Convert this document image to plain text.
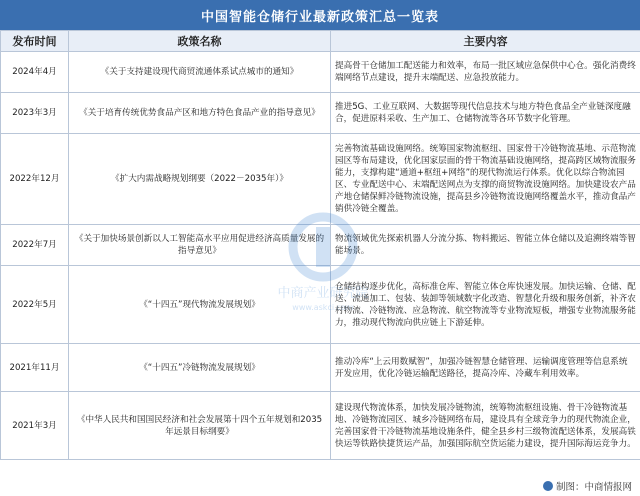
中国智能仓储行业最新政策汇总一览表
发布时间	政策名称	主要内容
2024年4月	《关于支持建设现代商贸流通体系试点城市的通知》	提高骨干仓储加工配送能力和效率，布局一批区域应急保供中心仓。强化消费终端网络节点建设，提升末端配送、应急投放能力。
2023年3月	《关于培育传统优势食品产区和地方特色食品产业的指导意见》	推进5G、工业互联网、大数据等现代信息技术与地方特色食品全产业链深度融合，促进原料采收、生产加工、仓储物流等各环节数字化管理。
2022年12月	《扩大内需战略规划纲要（2022－2035年）》	完善物流基础设施网络。统筹国家物流枢纽、国家骨干冷链物流基地、示范物流园区等布局建设，优化国家层面的骨干物流基础设施网络，提高跨区域物流服务能力，支撑构建“通道+枢纽+网络”的现代物流运行体系。优化以综合物流园区、专业配送中心、末端配送网点为支撑的商贸物流设施网络。加快建设农产品产地仓储保鲜冷链物流设施，提高县乡冷链物流设施网络覆盖水平，推动食品产销供冷链全覆盖。
2022年7月	《关于加快场景创新以人工智能高水平应用促进经济高质量发展的指导意见》	物流领域优先探索机器人分流分拣、物料搬运、智能立体仓储以及追溯终端等智能场景。
2022年5月	《“十四五”现代物流发展规划》	仓储结构逐步优化，高标准仓库、智能立体仓库快速发展。加快运输、仓储、配送、流通加工、包装、装卸等领域数字化改造、智慧化升级和服务创新，补齐农村物流、冷链物流、应急物流、航空物流等专业物流短板，增强专业物流服务能力，推动现代物流向供应链上下游延伸。
2021年11月	《“十四五”冷链物流发展规划》	推动冷库“上云用数赋智”，加强冷链智慧仓储管理、运输调度管理等信息系统开发应用，优化冷链运输配送路径，提高冷库、冷藏车利用效率。
2021年3月	《中华人民共和国国民经济和社会发展第十四个五年规划和2035年远景目标纲要》	建设现代物流体系，加快发展冷链物流，统筹物流枢纽设施、骨干冷链物流基地、冷链物流园区、城乡冷链网络布局，建设具有全球竞争力的现代物流企业，完善国家骨干冷链物流基地设施条件，健全县乡村三级物流配送体系，发展高铁快运等铁路快捷货运产品，加强国际航空货运能力建设，提升国际海运竞争力。
中商产业研究院
www.askci.com
制图：中商情报网
